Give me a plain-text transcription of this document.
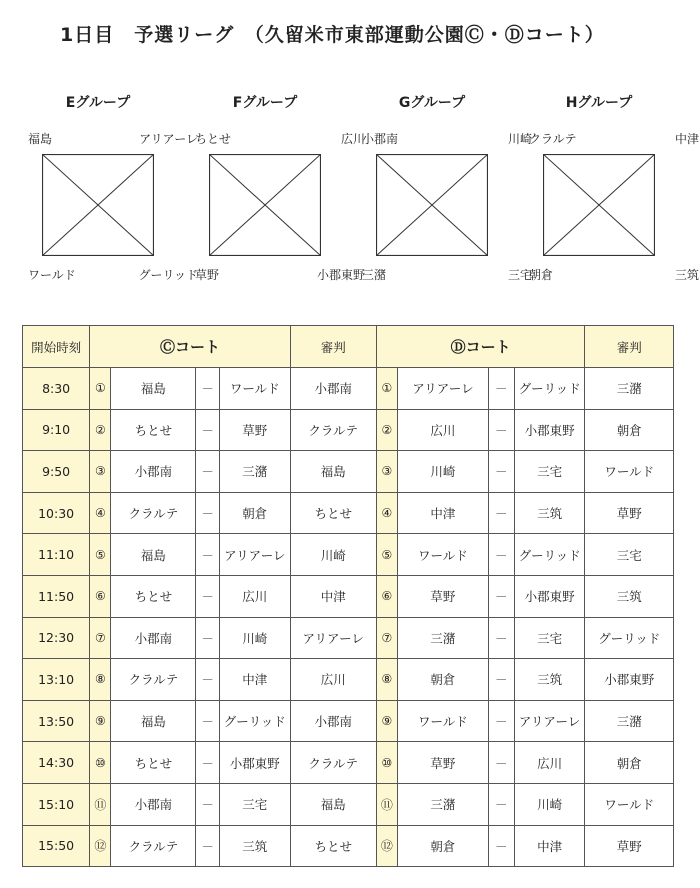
1日目　予選リーグ　（久留米市東部運動公園Ⓒ・Ⓓコート）
Eグループ
福島	アリアーレ
ワールド	グーリッド
Fグループ
ちとせ	広川
草野	小郡東野
Gグループ
小郡南	川崎
三潴	三宅
Hグループ
クラルテ	中津
朝倉	三筑
開始時刻	Ⓒコート				審判	Ⓓコート				審判
8:30	①	福島	－	ワールド	小郡南	①	アリアーレ	－	グーリッド	三潴
9:10	②	ちとせ	－	草野	クラルテ	②	広川	－	小郡東野	朝倉
9:50	③	小郡南	－	三潴	福島	③	川崎	－	三宅	ワールド
10:30	④	クラルテ	－	朝倉	ちとせ	④	中津	－	三筑	草野
11:10	⑤	福島	－	アリアーレ	川崎	⑤	ワールド	－	グーリッド	三宅
11:50	⑥	ちとせ	－	広川	中津	⑥	草野	－	小郡東野	三筑
12:30	⑦	小郡南	－	川崎	アリアーレ	⑦	三潴	－	三宅	グーリッド
13:10	⑧	クラルテ	－	中津	広川	⑧	朝倉	－	三筑	小郡東野
13:50	⑨	福島	－	グーリッド	小郡南	⑨	ワールド	－	アリアーレ	三潴
14:30	⑩	ちとせ	－	小郡東野	クラルテ	⑩	草野	－	広川	朝倉
15:10	⑪	小郡南	－	三宅	福島	⑪	三潴	－	川崎	ワールド
15:50	⑫	クラルテ	－	三筑	ちとせ	⑫	朝倉	－	中津	草野
